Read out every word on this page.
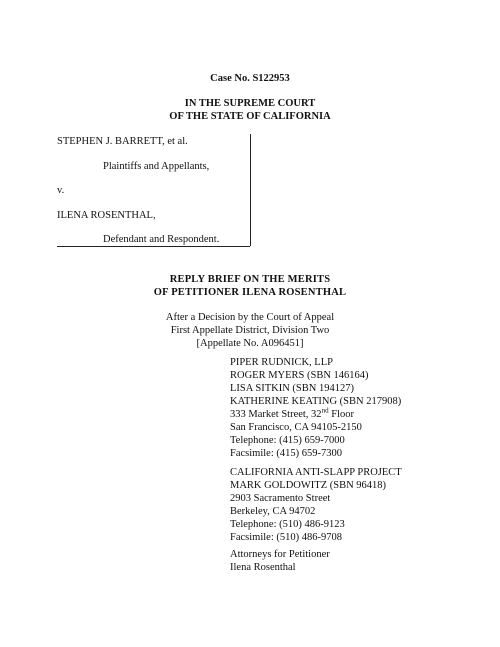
Case No. S122953
IN THE SUPREME COURT
OF THE STATE OF CALIFORNIA
STEPHEN J. BARRETT, et al.
Plaintiffs and Appellants,
v.
ILENA ROSENTHAL,
Defendant and Respondent.
REPLY BRIEF ON THE MERITS
OF PETITIONER ILENA ROSENTHAL
After a Decision by the Court of Appeal
First Appellate District, Division Two
[Appellate No. A096451]
PIPER RUDNICK, LLP
ROGER MYERS (SBN 146164)
LISA SITKIN (SBN 194127)
KATHERINE KEATING (SBN 217908)
333 Market Street, 32nd Floor
San Francisco, CA 94105-2150
Telephone: (415) 659-7000
Facsimile: (415) 659-7300
CALIFORNIA ANTI-SLAPP PROJECT
MARK GOLDOWITZ (SBN 96418)
2903 Sacramento Street
Berkeley, CA 94702
Telephone: (510) 486-9123
Facsimile: (510) 486-9708
Attorneys for Petitioner
Ilena Rosenthal
